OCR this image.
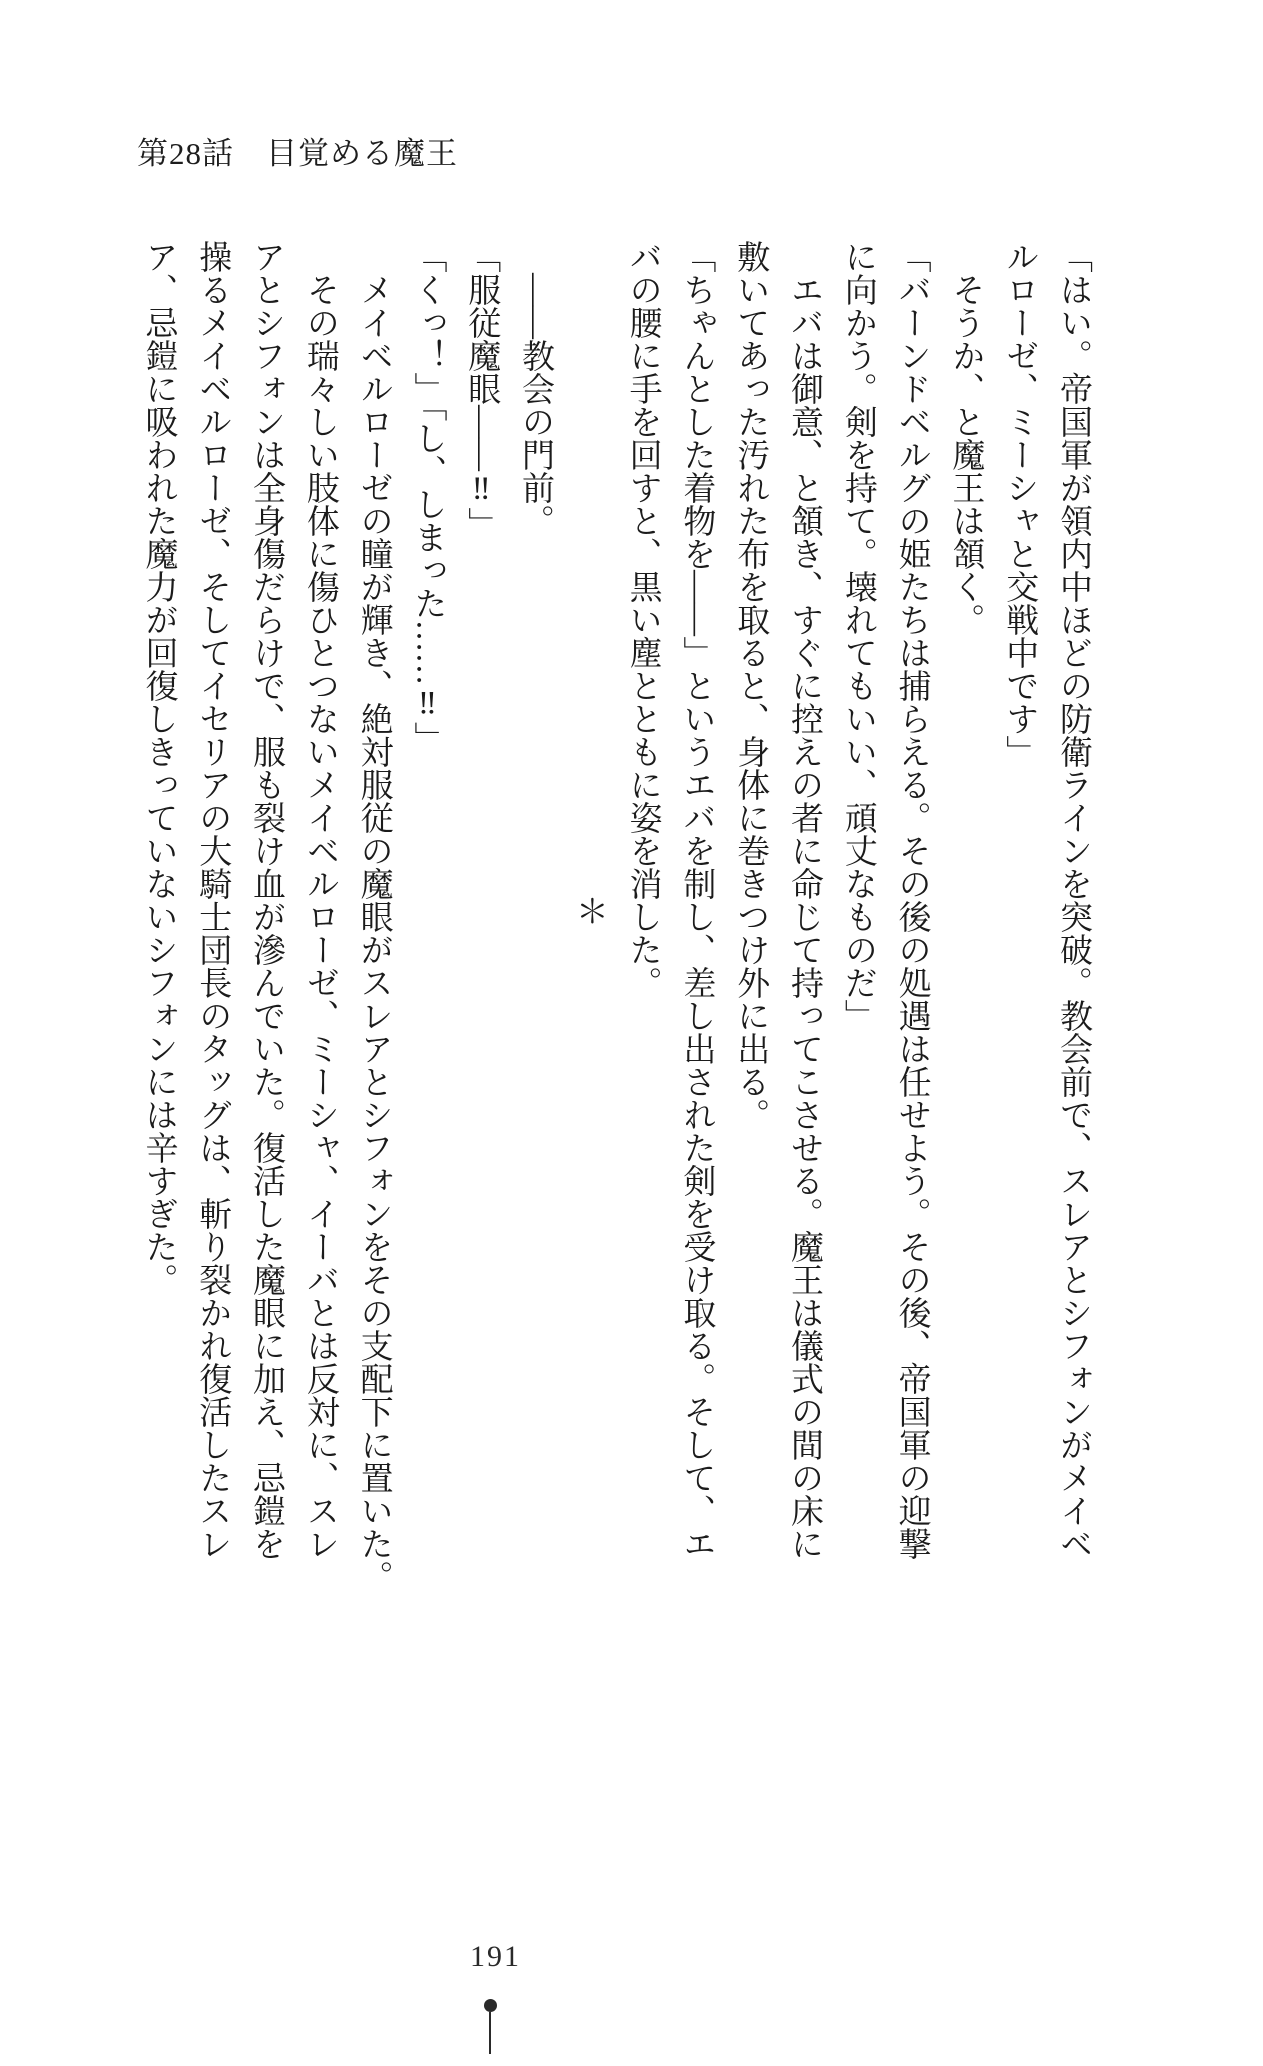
第28話　目覚める魔王

「はい。帝国軍が領内中ほどの防衛ラインを突破。教会前で、スレアとシフォンがメイベ

ルローゼ、ミーシャと交戦中です」

　そうか、と魔王は頷く。

「バーンドベルグの姫たちは捕らえる。その後の処遇は任せよう。その後、帝国軍の迎撃

に向かう。剣を持て。壊れてもいい、頑丈なものだ」

　エバは御意、と頷き、すぐに控えの者に命じて持ってこさせる。魔王は儀式の間の床に

敷いてあった汚れた布を取ると、身体に巻きつけ外に出る。

「ちゃんとした着物を――」というエバを制し、差し出された剣を受け取る。そして、エ

バの腰に手を回すと、黒い塵とともに姿を消した。

＊

　――教会の門前。

「服従魔眼――‼」

「くっ！」「し、しまった……‼」

　メイベルローゼの瞳が輝き、絶対服従の魔眼がスレアとシフォンをその支配下に置いた。

　その瑞々しい肢体に傷ひとつないメイベルローゼ、ミーシャ、イーバとは反対に、スレ

アとシフォンは全身傷だらけで、服も裂け血が滲んでいた。復活した魔眼に加え、忌鎧を

操るメイベルローゼ、そしてイセリアの大騎士団長のタッグは、斬り裂かれ復活したスレ

ア、忌鎧に吸われた魔力が回復しきっていないシフォンには辛すぎた。

191
